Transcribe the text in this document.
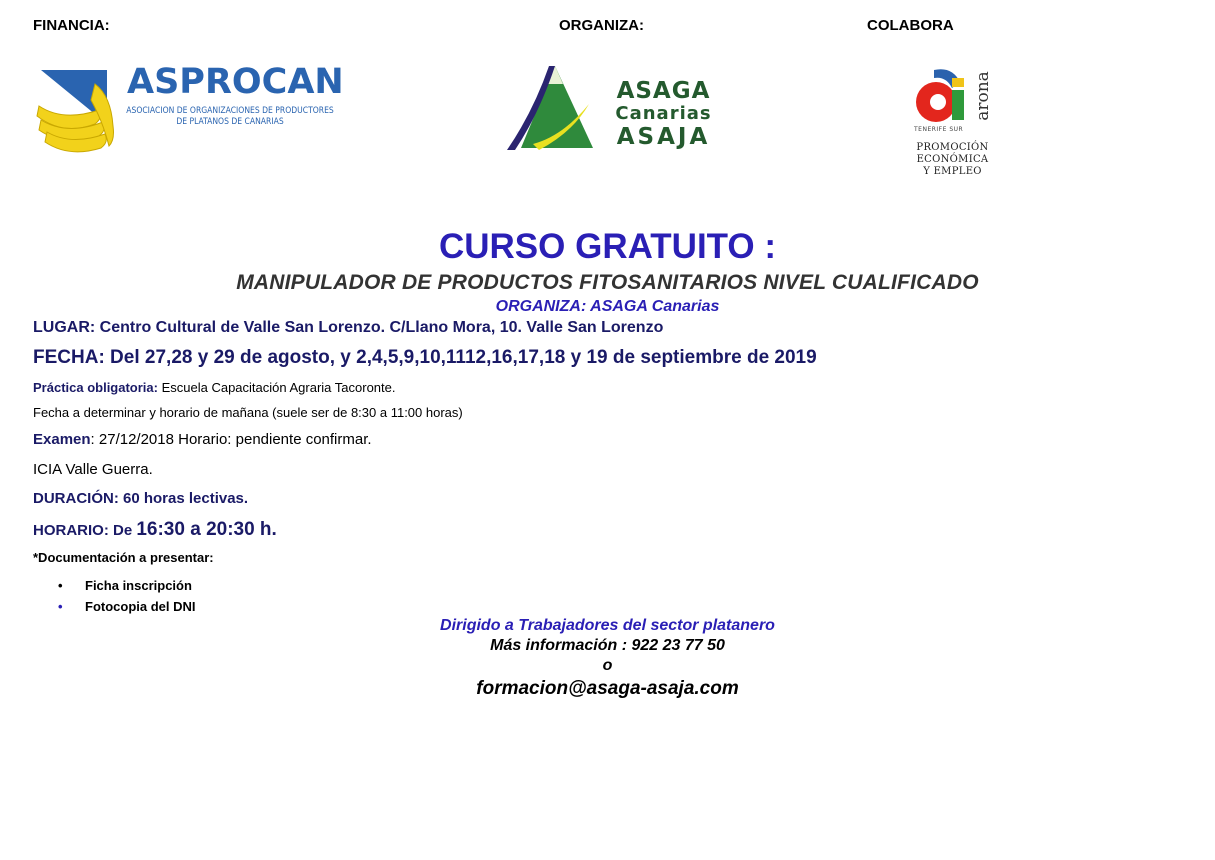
FINANCIA:	ORGANIZA:	COLABORA
ASPROCAN
ASOCIACION DE ORGANIZACIONES DE PRODUCTORES
DE PLATANOS DE CANARIAS
ASAGA
Canarias
ASAJA
arona
TENERIFE SUR
PROMOCIÓN ECONÓMICA
Y EMPLEO
CURSO GRATUITO :
MANIPULADOR DE PRODUCTOS FITOSANITARIOS NIVEL CUALIFICADO
ORGANIZA: ASAGA Canarias
LUGAR: Centro Cultural de Valle San Lorenzo. C/Llano Mora, 10. Valle San Lorenzo
FECHA: Del 27,28 y 29 de agosto, y 2,4,5,9,10,1112,16,17,18 y 19 de septiembre de 2019
Práctica obligatoria: Escuela Capacitación Agraria Tacoronte.
Fecha a determinar y horario de mañana (suele ser de 8:30 a 11:00 horas)
Examen: 27/12/2018 Horario: pendiente confirmar.
ICIA Valle Guerra.
DURACIÓN: 60 horas lectivas.
HORARIO: De 16:30 a 20:30 h.
*Documentación a presentar:
• Ficha inscripción
• Fotocopia del DNI
Dirigido a Trabajadores del sector platanero
Más información : 922 23 77 50
o
formacion@asaga-asaja.com
